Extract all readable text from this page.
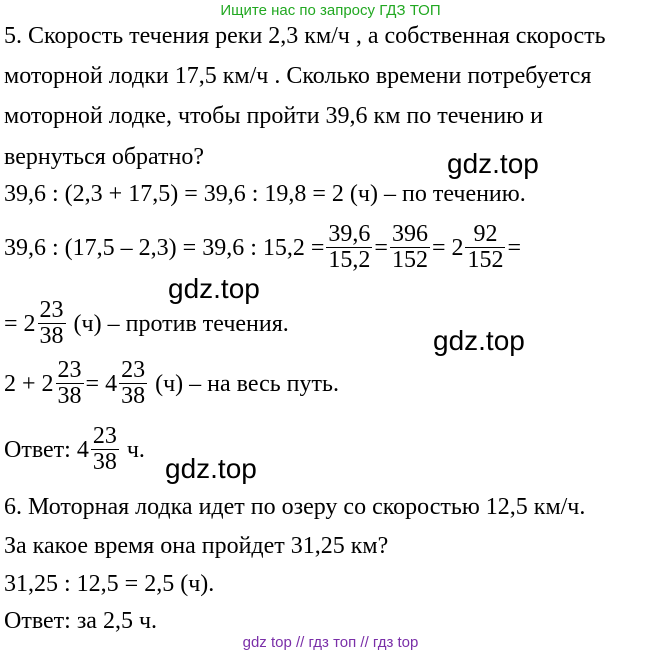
Ищите нас по запросу ГДЗ ТОП
5. Скорость течения реки 2,3 км/ч , а собственная скорость
моторной лодки 17,5 км/ч . Сколько времени потребуется
моторной лодке, чтобы пройти 39,6 км по течению и
вернуться обратно?	gdz.top
39,6 : (2,3 + 17,5) = 39,6 : 19,8 = 2 (ч) – по течению.
39,6 : (17,5 – 2,3) = 39,6 : $15,2 = \frac{39,6}{15,2} = \frac{396}{152} = 2 \frac{92}{152}$ =
gdz.top
= $2 \frac{23}{38} (ч)$ – против течения.
gdz.top
$2 + 2 \frac{23}{38} = 4 \frac{23}{38} (ч)$ – на весь путь.
Ответ: $4 \frac{23}{38} ч$.
gdz.top
6. Моторная лодка идет по озеру со скоростью 12,5 км/ч.
За какое время она пройдет 31,25 км?
31,25 : 12,5 = 2,5 (ч).
Ответ: за 2,5 ч.
gdz top // гдз топ // гдз top
